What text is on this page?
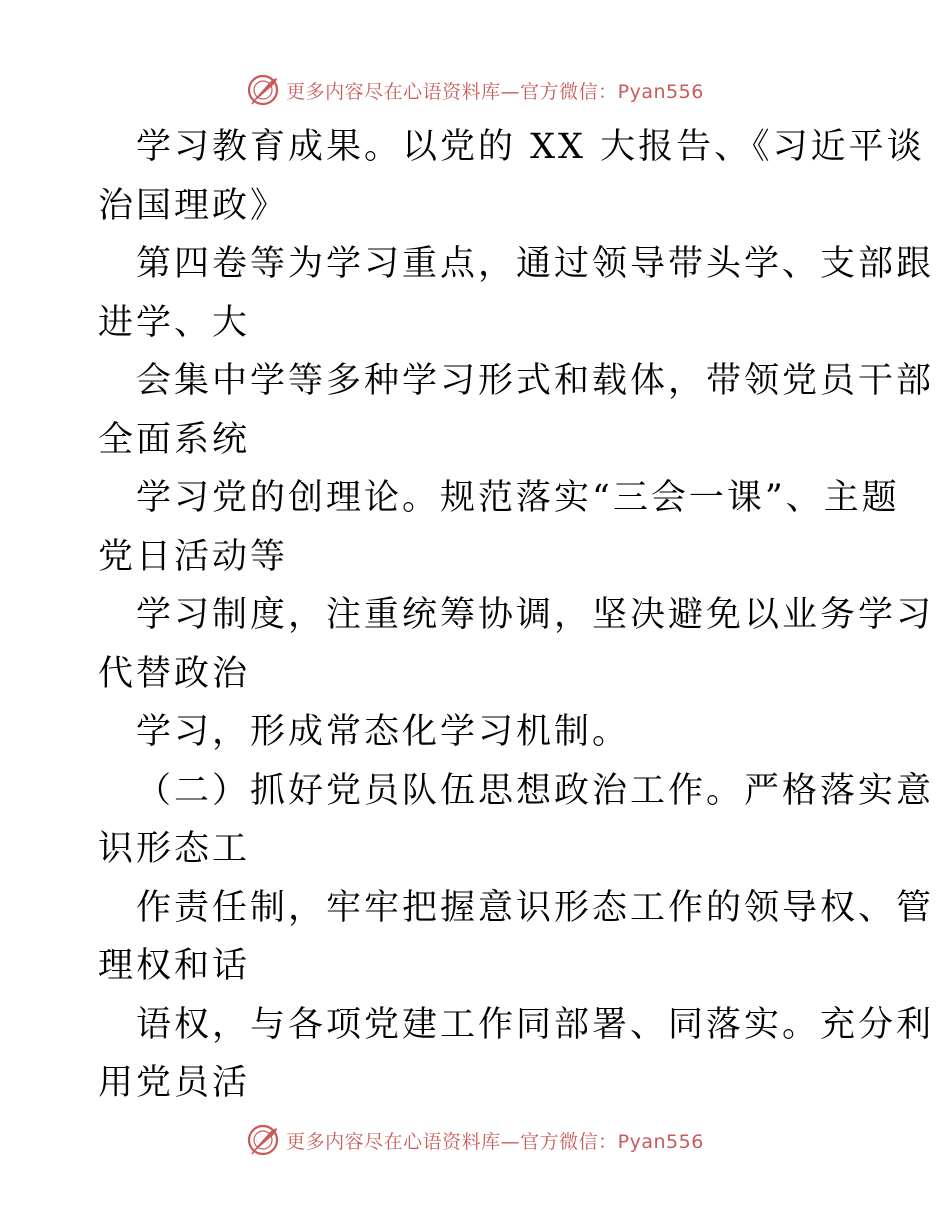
更多内容尽在心语资料库—官方微信：Pyan556
学习教育成果。以党的 XX 大报告、《习近平谈
治国理政》
第四卷等为学习重点，通过领导带头学、支部跟
进学、大
会集中学等多种学习形式和载体，带领党员干部
全面系统
学习党的创理论。规范落实“三会一课”、主题
党日活动等
学习制度，注重统筹协调，坚决避免以业务学习
代替政治
学习，形成常态化学习机制。
（二）抓好党员队伍思想政治工作。严格落实意
识形态工
作责任制，牢牢把握意识形态工作的领导权、管
理权和话
语权，与各项党建工作同部署、同落实。充分利
用党员活
更多内容尽在心语资料库—官方微信：Pyan556
